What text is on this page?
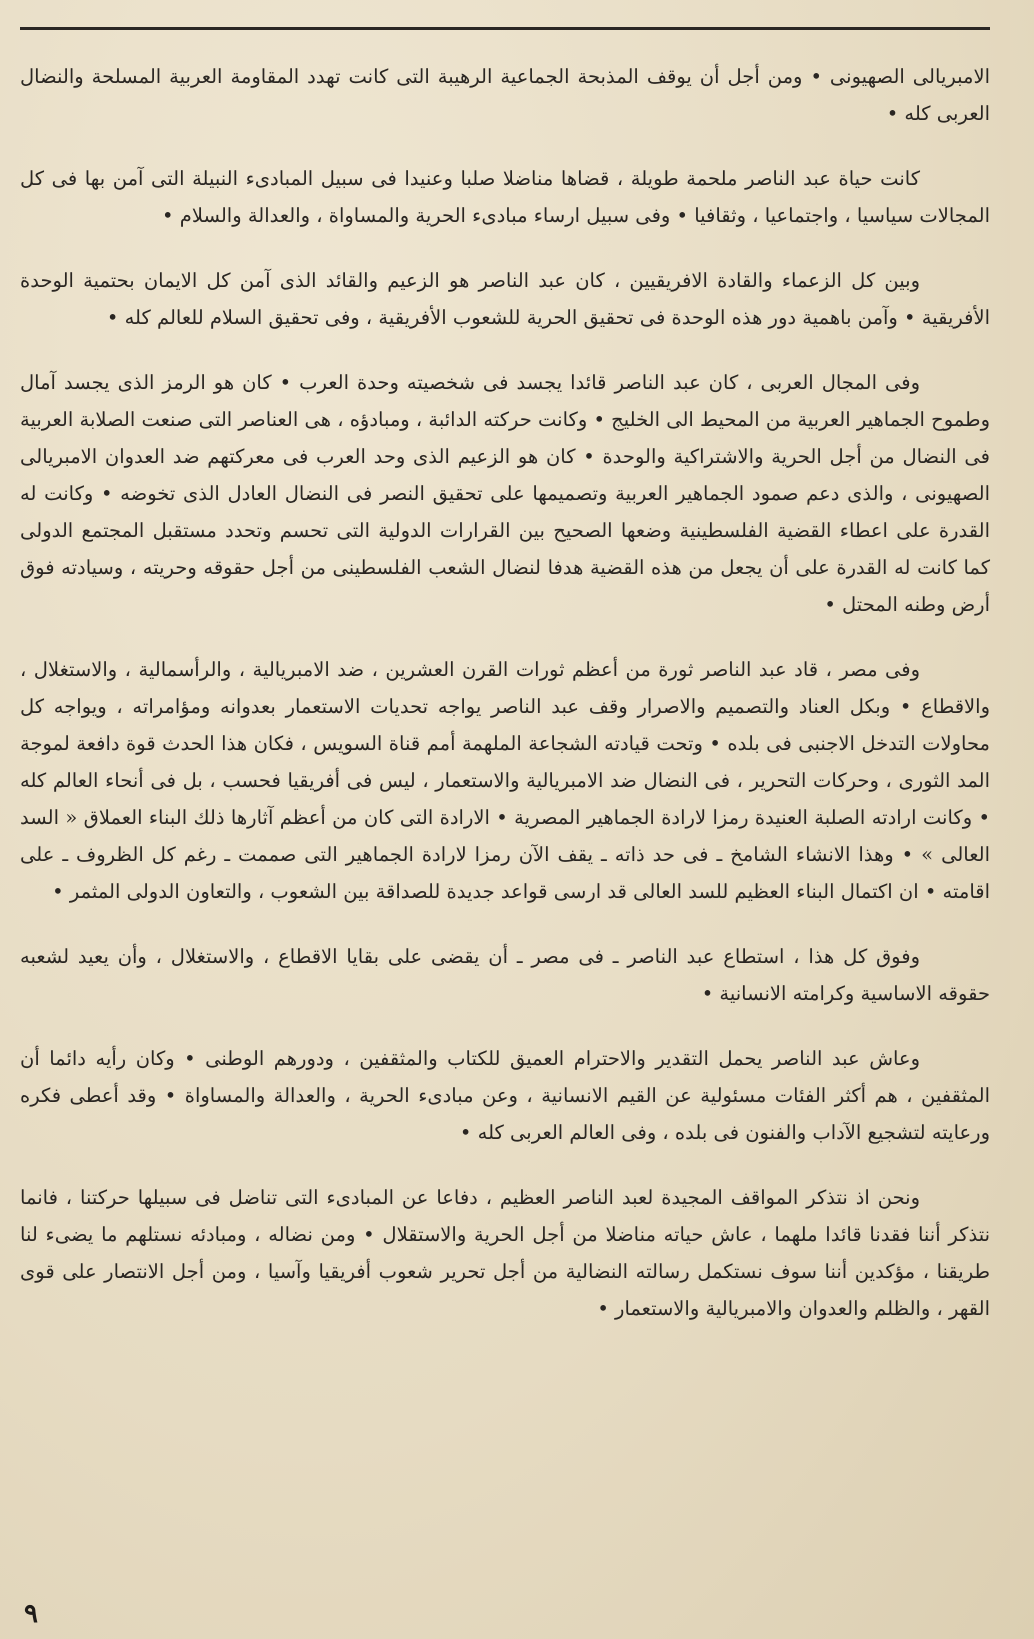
الامبريالى الصهيونى • ومن أجل أن يوقف المذبحة الجماعية الرهيبة التى كانت تهدد المقاومة العربية المسلحة والنضال العربى كله •

كانت حياة عبد الناصر ملحمة طويلة ، قضاها مناضلا صلبا وعنيدا فى سبيل المبادىء النبيلة التى آمن بها فى كل المجالات سياسيا ، واجتماعيا ، وثقافيا • وفى سبيل ارساء مبادىء الحرية والمساواة ، والعدالة والسلام •

وبين كل الزعماء والقادة الافريقيين ، كان عبد الناصر هو الزعيم والقائد الذى آمن كل الايمان بحتمية الوحدة الأفريقية • وآمن باهمية دور هذه الوحدة فى تحقيق الحرية للشعوب الأفريقية ، وفى تحقيق السلام للعالم كله •

وفى المجال العربى ، كان عبد الناصر قائدا يجسد فى شخصيته وحدة العرب • كان هو الرمز الذى يجسد آمال وطموح الجماهير العربية من المحيط الى الخليج • وكانت حركته الدائبة ، ومبادؤه ، هى العناصر التى صنعت الصلابة العربية فى النضال من أجل الحرية والاشتراكية والوحدة • كان هو الزعيم الذى وحد العرب فى معركتهم ضد العدوان الامبريالى الصهيونى ، والذى دعم صمود الجماهير العربية وتصميمها على تحقيق النصر فى النضال العادل الذى تخوضه • وكانت له القدرة على اعطاء القضية الفلسطينية وضعها الصحيح بين القرارات الدولية التى تحسم وتحدد مستقبل المجتمع الدولى كما كانت له القدرة على أن يجعل من هذه القضية هدفا لنضال الشعب الفلسطينى من أجل حقوقه وحريته ، وسيادته فوق أرض وطنه المحتل •

وفى مصر ، قاد عبد الناصر ثورة من أعظم ثورات القرن العشرين ، ضد الامبريالية ، والرأسمالية ، والاستغلال ، والاقطاع • وبكل العناد والتصميم والاصرار وقف عبد الناصر يواجه تحديات الاستعمار بعدوانه ومؤامراته ، ويواجه كل محاولات التدخل الاجنبى فى بلده • وتحت قيادته الشجاعة الملهمة أمم قناة السويس ، فكان هذا الحدث قوة دافعة لموجة المد الثورى ، وحركات التحرير ، فى النضال ضد الامبريالية والاستعمار ، ليس فى أفريقيا فحسب ، بل فى أنحاء العالم كله • وكانت ارادته الصلبة العنيدة رمزا لارادة الجماهير المصرية • الارادة التى كان من أعظم آثارها ذلك البناء العملاق « السد العالى » • وهذا الانشاء الشامخ ـ فى حد ذاته ـ يقف الآن رمزا لارادة الجماهير التى صممت ـ رغم كل الظروف ـ على اقامته • ان اكتمال البناء العظيم للسد العالى قد ارسى قواعد جديدة للصداقة بين الشعوب ، والتعاون الدولى المثمر •

وفوق كل هذا ، استطاع عبد الناصر ـ فى مصر ـ أن يقضى على بقايا الاقطاع ، والاستغلال ، وأن يعيد لشعبه حقوقه الاساسية وكرامته الانسانية •

وعاش عبد الناصر يحمل التقدير والاحترام العميق للكتاب والمثقفين ، ودورهم الوطنى • وكان رأيه دائما أن المثقفين ، هم أكثر الفئات مسئولية عن القيم الانسانية ، وعن مبادىء الحرية ، والعدالة والمساواة • وقد أعطى فكره ورعايته لتشجيع الآداب والفنون فى بلده ، وفى العالم العربى كله •

ونحن اذ نتذكر المواقف المجيدة لعبد الناصر العظيم ، دفاعا عن المبادىء التى تناضل فى سبيلها حركتنا ، فانما نتذكر أننا فقدنا قائدا ملهما ، عاش حياته مناضلا من أجل الحرية والاستقلال • ومن نضاله ، ومبادئه نستلهم ما يضىء لنا طريقنا ، مؤكدين أننا سوف نستكمل رسالته النضالية من أجل تحرير شعوب أفريقيا وآسيا ، ومن أجل الانتصار على قوى القهر ، والظلم والعدوان والامبريالية والاستعمار •

٩
